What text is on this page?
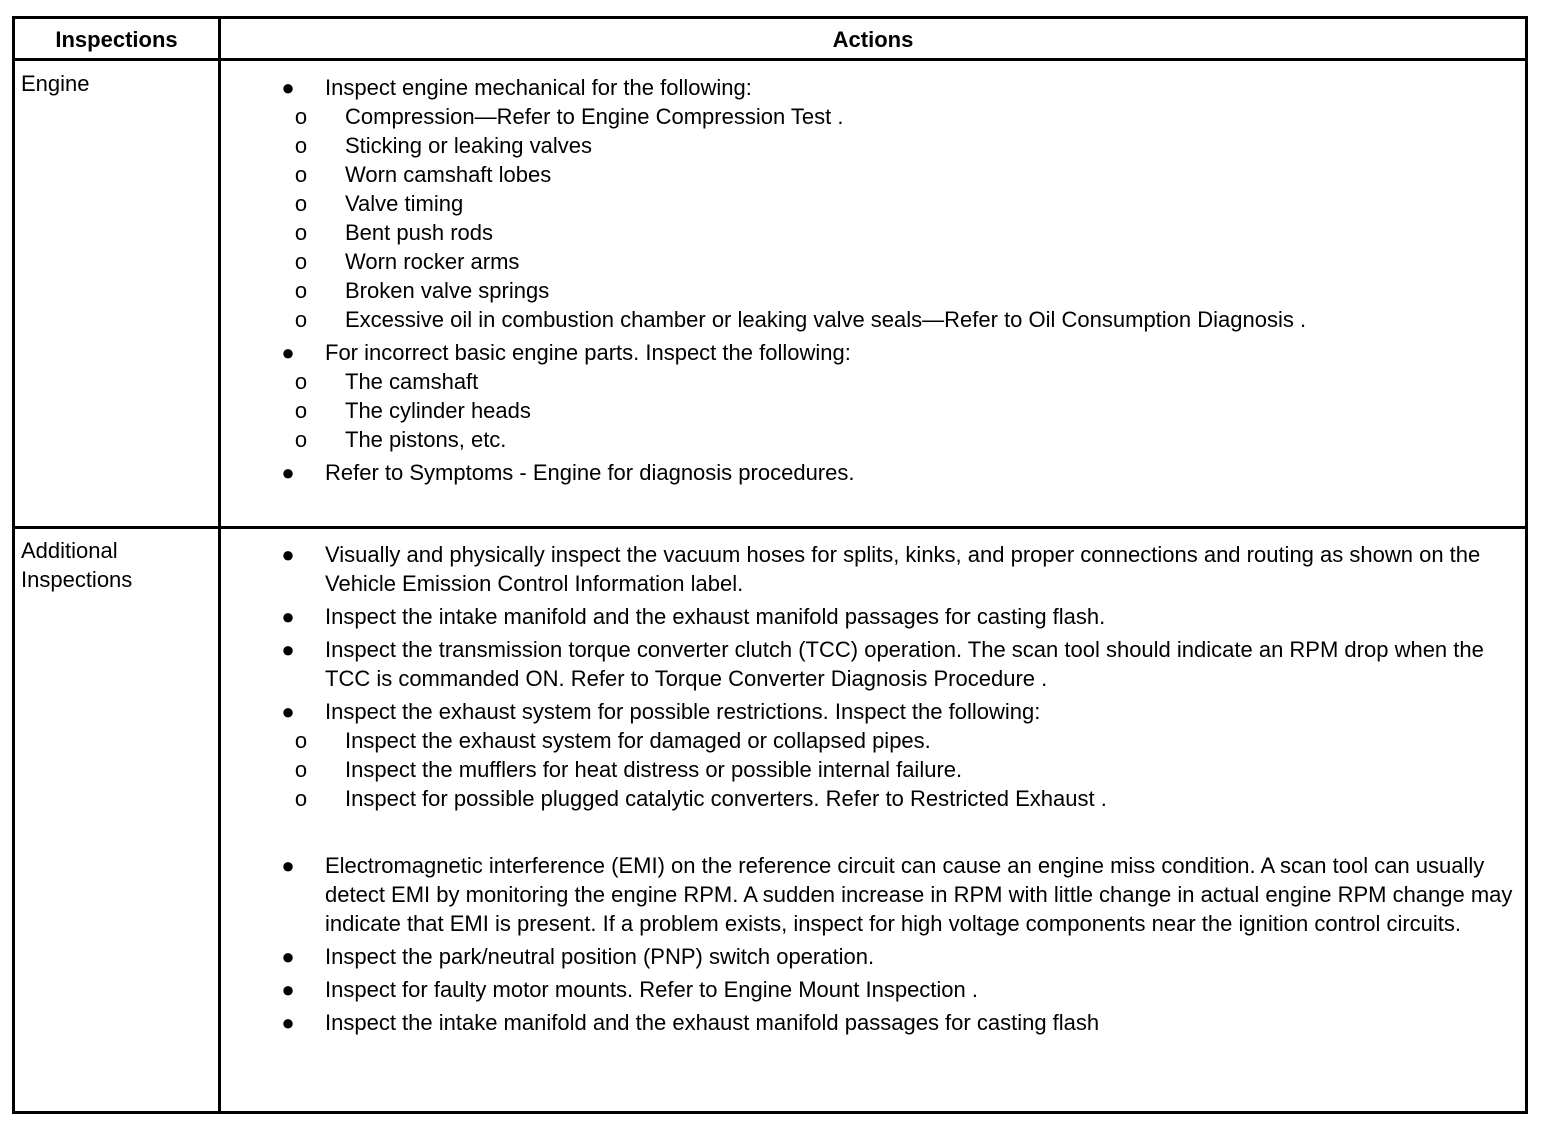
Inspections	Actions
Engine
Additional Inspections
● Inspect engine mechanical for the following:
o Compression—Refer to Engine Compression Test .
o Sticking or leaking valves
o Worn camshaft lobes
o Valve timing
o Bent push rods
o Worn rocker arms
o Broken valve springs
o Excessive oil in combustion chamber or leaking valve seals—Refer to Oil Consumption Diagnosis .
● For incorrect basic engine parts. Inspect the following:
o The camshaft
o The cylinder heads
o The pistons, etc.
● Refer to Symptoms - Engine for diagnosis procedures.
● Visually and physically inspect the vacuum hoses for splits, kinks, and proper connections and routing as shown on the Vehicle Emission Control Information label.
● Inspect the intake manifold and the exhaust manifold passages for casting flash.
● Inspect the transmission torque converter clutch (TCC) operation. The scan tool should indicate an RPM drop when the TCC is commanded ON. Refer to Torque Converter Diagnosis Procedure .
● Inspect the exhaust system for possible restrictions. Inspect the following:
o Inspect the exhaust system for damaged or collapsed pipes.
o Inspect the mufflers for heat distress or possible internal failure.
o Inspect for possible plugged catalytic converters. Refer to Restricted Exhaust .
● Electromagnetic interference (EMI) on the reference circuit can cause an engine miss condition. A scan tool can usually detect EMI by monitoring the engine RPM. A sudden increase in RPM with little change in actual engine RPM change may indicate that EMI is present. If a problem exists, inspect for high voltage components near the ignition control circuits.
● Inspect the park/neutral position (PNP) switch operation.
● Inspect for faulty motor mounts. Refer to Engine Mount Inspection .
● Inspect the intake manifold and the exhaust manifold passages for casting flash
